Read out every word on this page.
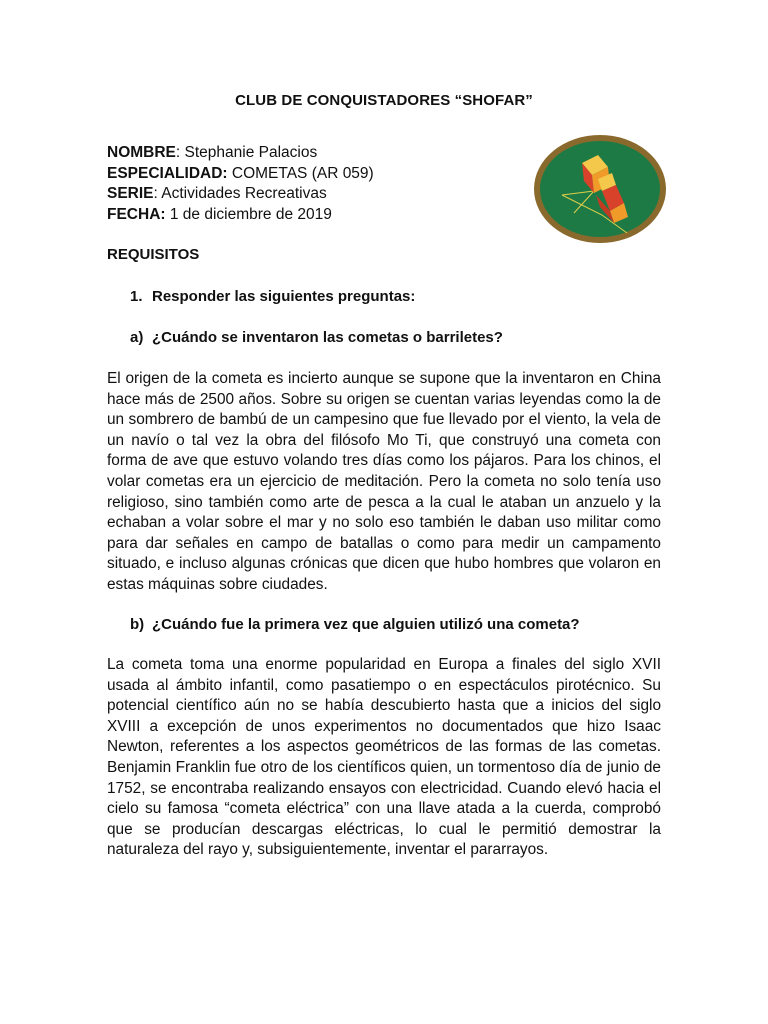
CLUB DE CONQUISTADORES “SHOFAR”
NOMBRE: Stephanie Palacios
ESPECIALIDAD: COMETAS (AR 059)
SERIE: Actividades Recreativas
FECHA: 1 de diciembre de 2019
REQUISITOS
1. Responder las siguientes preguntas:
a) ¿Cuándo se inventaron las cometas o barriletes?
El origen de la cometa es incierto aunque se supone que la inventaron en China hace más de 2500 años. Sobre su origen se cuentan varias leyendas como la de un sombrero de bambú de un campesino que fue llevado por el viento, la vela de un navío o tal vez la obra del filósofo Mo Ti, que construyó una cometa con forma de ave que estuvo volando tres días como los pájaros. Para los chinos, el volar cometas era un ejercicio de meditación. Pero la cometa no solo tenía uso religioso, sino también como arte de pesca a la cual le ataban un anzuelo y la echaban a volar sobre el mar y no solo eso también le daban uso militar como para dar señales en campo de batallas o como para medir un campamento situado, e incluso algunas crónicas que dicen que hubo hombres que volaron en estas máquinas sobre ciudades.
b) ¿Cuándo fue la primera vez que alguien utilizó una cometa?
La cometa toma una enorme popularidad en Europa a finales del siglo XVII usada al ámbito infantil, como pasatiempo o en espectáculos pirotécnico. Su potencial científico aún no se había descubierto hasta que a inicios del siglo XVIII a excepción de unos experimentos no documentados que hizo Isaac Newton, referentes a los aspectos geométricos de las formas de las cometas. Benjamin Franklin fue otro de los científicos quien, un tormentoso día de junio de 1752, se encontraba realizando ensayos con electricidad. Cuando elevó hacia el cielo su famosa “cometa eléctrica” con una llave atada a la cuerda, comprobó que se producían descargas eléctricas, lo cual le permitió demostrar la naturaleza del rayo y, subsiguientemente, inventar el pararrayos.
